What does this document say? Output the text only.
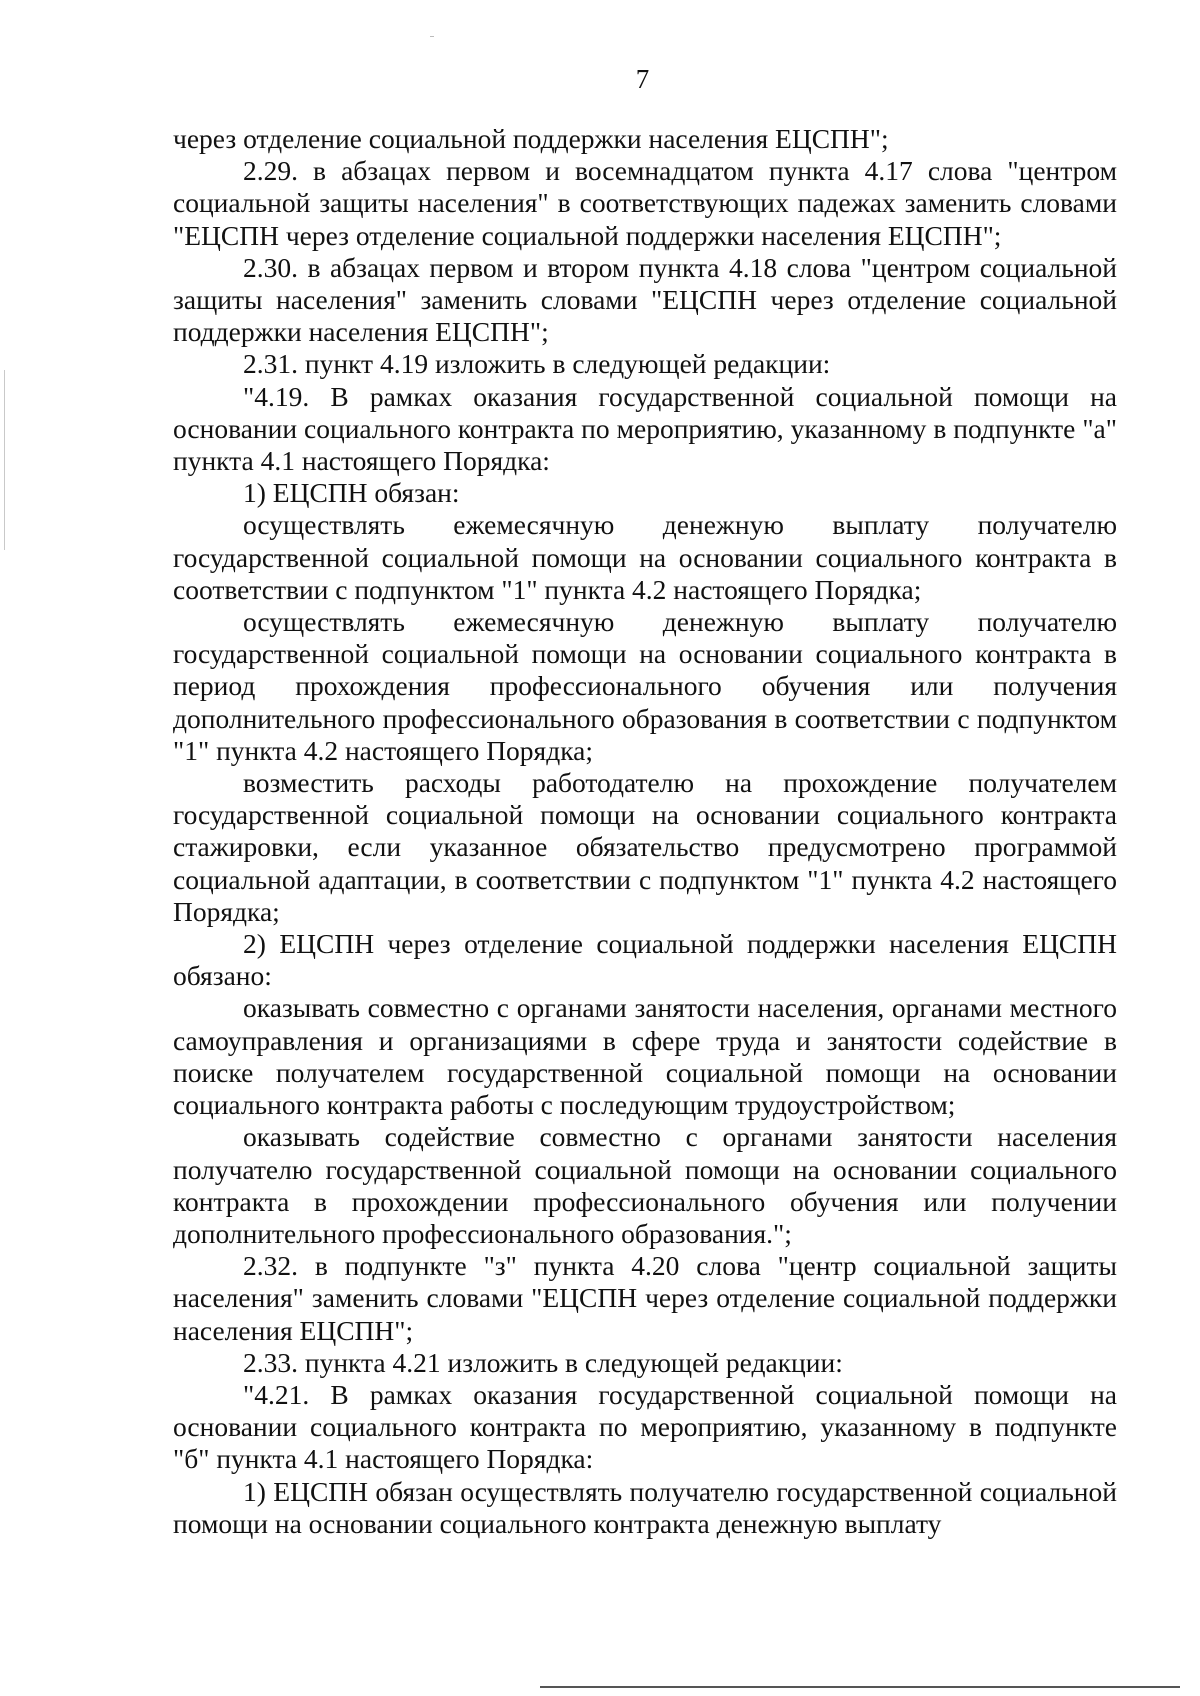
7

через отделение социальной поддержки населения ЕЦСПН";

2.29. в абзацах первом и восемнадцатом пункта 4.17 слова "центром социальной защиты населения" в соответствующих падежах заменить словами "ЕЦСПН через отделение социальной поддержки населения ЕЦСПН";

2.30. в абзацах первом и втором пункта 4.18 слова "центром социальной защиты населения" заменить словами "ЕЦСПН через отделение социальной поддержки населения ЕЦСПН";

2.31. пункт 4.19 изложить в следующей редакции:

"4.19. В рамках оказания государственной социальной помощи на основании социального контракта по мероприятию, указанному в подпункте "а" пункта 4.1 настоящего Порядка:

1) ЕЦСПН обязан:

осуществлять ежемесячную денежную выплату получателю государственной социальной помощи на основании социального контракта в соответствии с подпунктом "1" пункта 4.2 настоящего Порядка;

осуществлять ежемесячную денежную выплату получателю государственной социальной помощи на основании социального контракта в период прохождения профессионального обучения или получения дополнительного профессионального образования в соответствии с подпунктом "1" пункта 4.2 настоящего Порядка;

возместить расходы работодателю на прохождение получателем государственной социальной помощи на основании социального контракта стажировки, если указанное обязательство предусмотрено программой социальной адаптации, в соответствии с подпунктом "1" пункта 4.2 настоящего Порядка;

2) ЕЦСПН через отделение социальной поддержки населения ЕЦСПН обязано:

оказывать совместно с органами занятости населения, органами местного самоуправления и организациями в сфере труда и занятости содействие в поиске получателем государственной социальной помощи на основании социального контракта работы с последующим трудоустройством;

оказывать содействие совместно с органами занятости населения получателю государственной социальной помощи на основании социального контракта в прохождении профессионального обучения или получении дополнительного профессионального образования.";

2.32. в подпункте "з" пункта 4.20 слова "центр социальной защиты населения" заменить словами "ЕЦСПН через отделение социальной поддержки населения ЕЦСПН";

2.33. пункта 4.21 изложить в следующей редакции:

"4.21. В рамках оказания государственной социальной помощи на основании социального контракта по мероприятию, указанному в подпункте "б" пункта 4.1 настоящего Порядка:

1) ЕЦСПН обязан осуществлять получателю государственной социальной помощи на основании социального контракта денежную выплату
